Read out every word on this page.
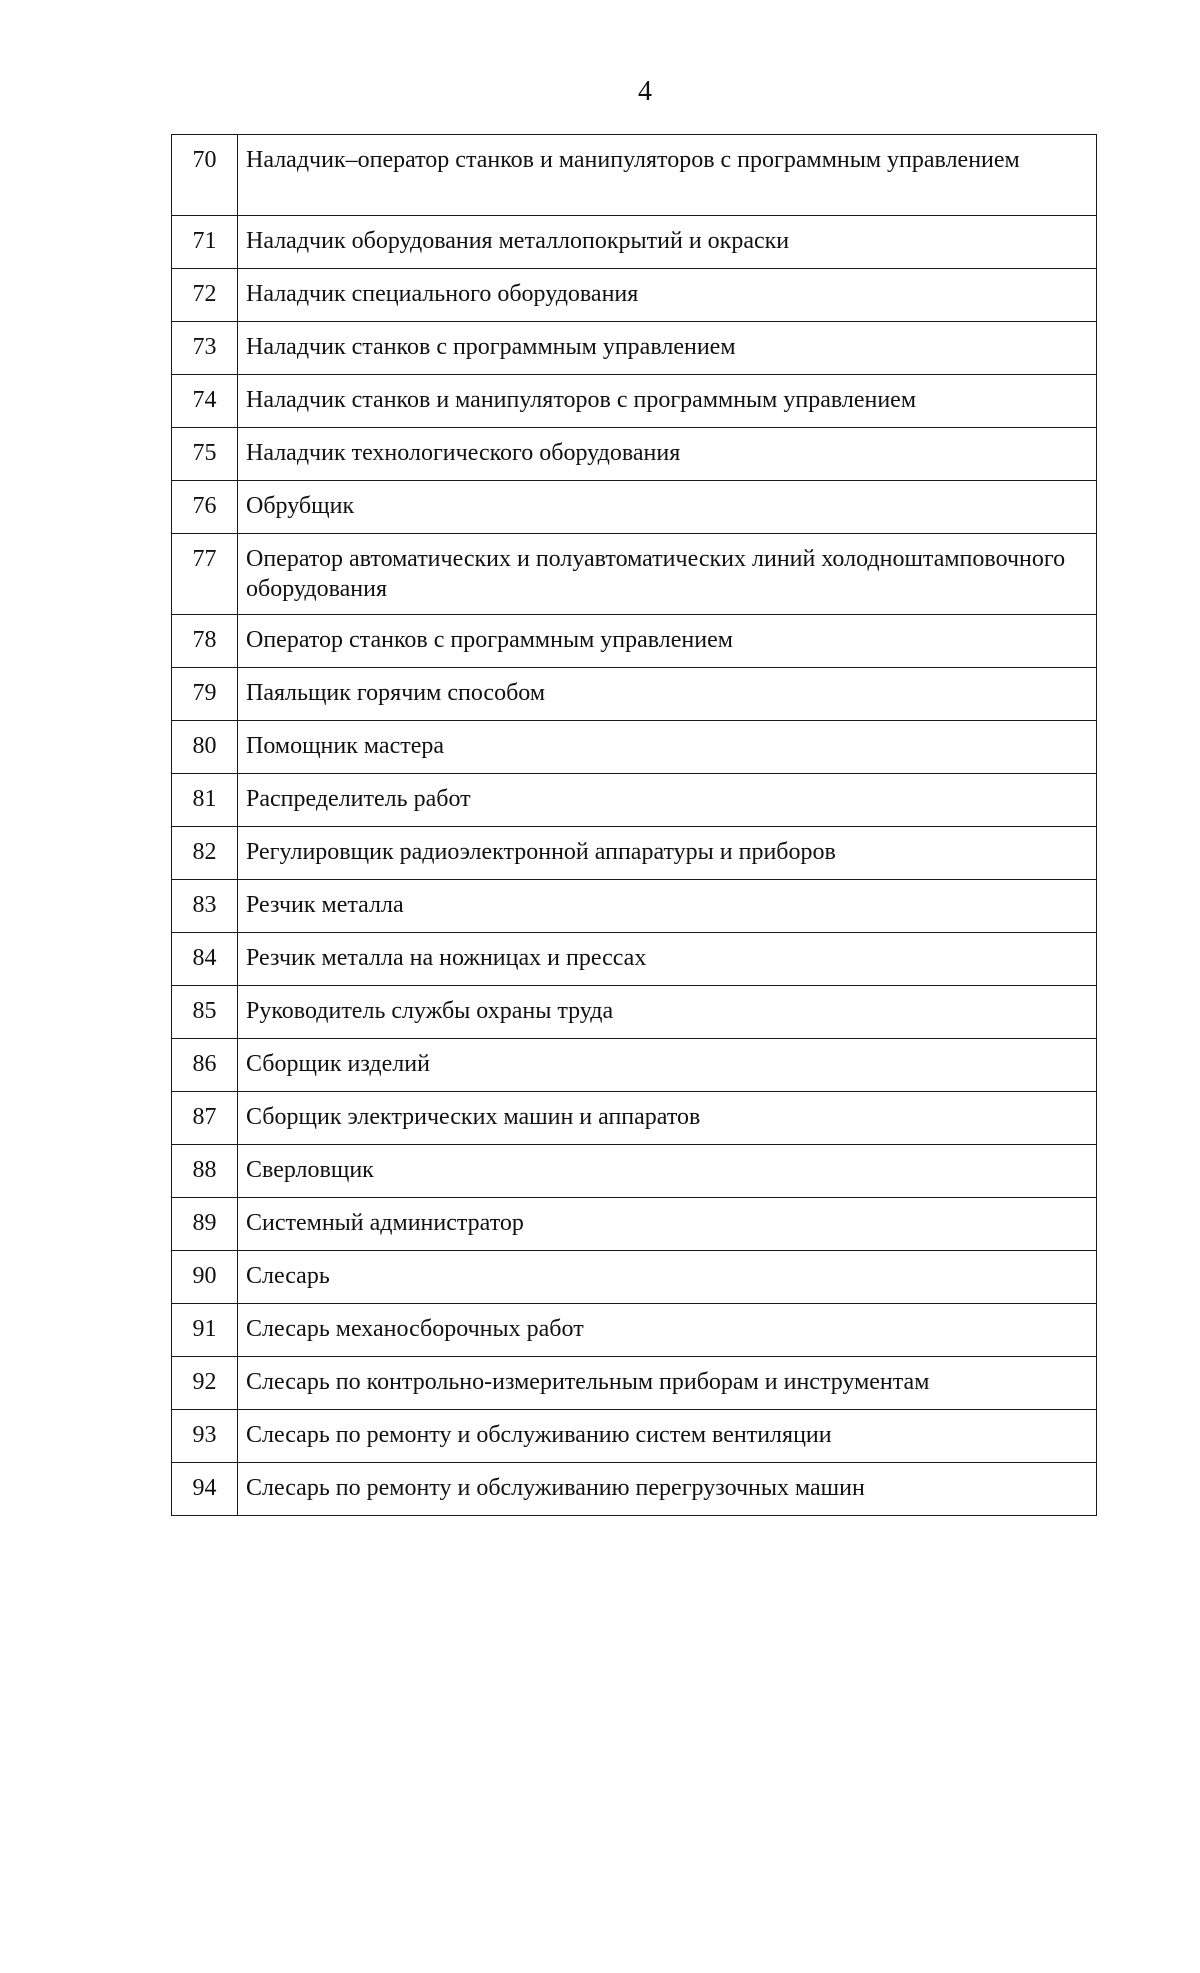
4
70	Наладчик–оператор станков и манипуляторов с программным управлением
71	Наладчик оборудования металлопокрытий и окраски
72	Наладчик специального оборудования
73	Наладчик станков с программным управлением
74	Наладчик станков и манипуляторов с программным управлением
75	Наладчик технологического оборудования
76	Обрубщик
77	Оператор автоматических и полуавтоматических линий холодноштамповочного оборудования
78	Оператор станков с программным управлением
79	Паяльщик горячим способом
80	Помощник мастера
81	Распределитель работ
82	Регулировщик радиоэлектронной аппаратуры и приборов
83	Резчик металла
84	Резчик металла на ножницах и прессах
85	Руководитель службы охраны труда
86	Сборщик изделий
87	Сборщик электрических машин и аппаратов
88	Сверловщик
89	Системный администратор
90	Слесарь
91	Слесарь механосборочных работ
92	Слесарь по контрольно-измерительным приборам и инструментам
93	Слесарь по ремонту и обслуживанию систем вентиляции
94	Слесарь по ремонту и обслуживанию перегрузочных машин
